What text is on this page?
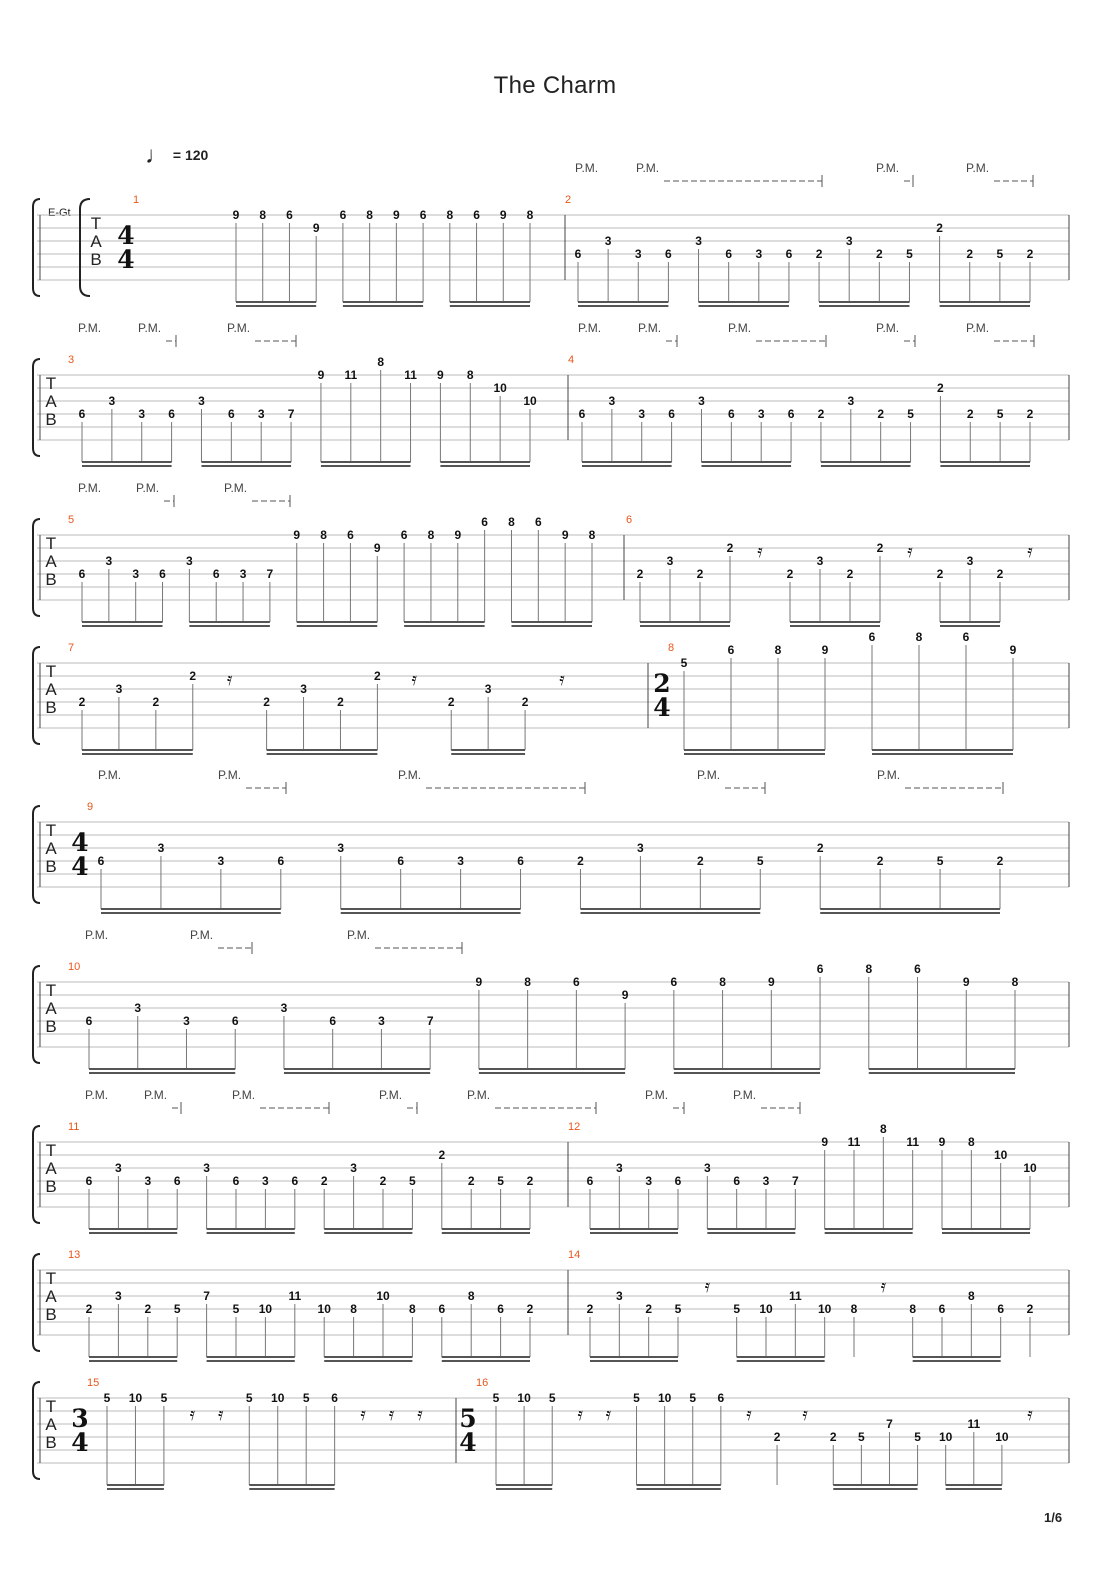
The Charm
♩ = 120
E-Gt
1/6
T
A
B
1	2
4
4
P.M.	P.M.	P.M.	P.M.
9 8 6
9
6 8 9 6 8 6 9 8
6
3
3 6
3
6 3 6 2
3
2 5
2
2 5 2
T
A
B
3	4
P.M.	P.M.	P.M.	P.M.	P.M.	P.M.	P.M.	P.M.
6
3
3 6
3
6 3 7
9 11
8
11 9 8
10
10
6
3
3 6
3
6 3 6 2
3
2 5
2
2 5 2
T
A
B
5	6
P.M.	P.M.	P.M.
6
3
3 6
3
6 3 7
9 8 6
9
6 8 9
6 8 6
9 8
2
3
2
2 𝄿
2
3
2
2 𝄿
2
3
2
𝄿
T
A
B
7	8
2
4
2
3
2
2 𝄿
2
3
2
2 𝄿
2
3
2
𝄿
5
6	8	9
6	8	6
9
T
A
B
9
4
4
P.M.	P.M.	P.M.	P.M.	P.M.
6
3
3	6
3
6	3	6	2
3
2	5
2
2	5	2
T
A
B
10
P.M.	P.M.	P.M.
6
3
3	6
3
6	3	7
9	8	6
9
6	8	9
6	8	6
9	8
T
A
B
11	12
P.M.	P.M.	P.M.	P.M.	P.M.	P.M.	P.M.
6
3
3 6
3
6 3 6 2
3
2 5
2
2 5 2	6
3
3 6
3
6 3 7
9 11
8
11 9 8
10
10
T
A
B
13	14
2
3
2 5
7
5 10
11
10 8
10
8 6
8
6 2	2
3
2 5
𝄿
5 10
11
10 8
𝄿
8 6
8
6 2
T
A
B
15	16
3
4
5
4
5 10 5
𝄿 𝄿
5 10 5 6
𝄿 𝄿 𝄿
5 10 5
𝄿 𝄿
5 10 5 6
𝄿
2
𝄿
2 5
7
5 10
11
10
𝄿
